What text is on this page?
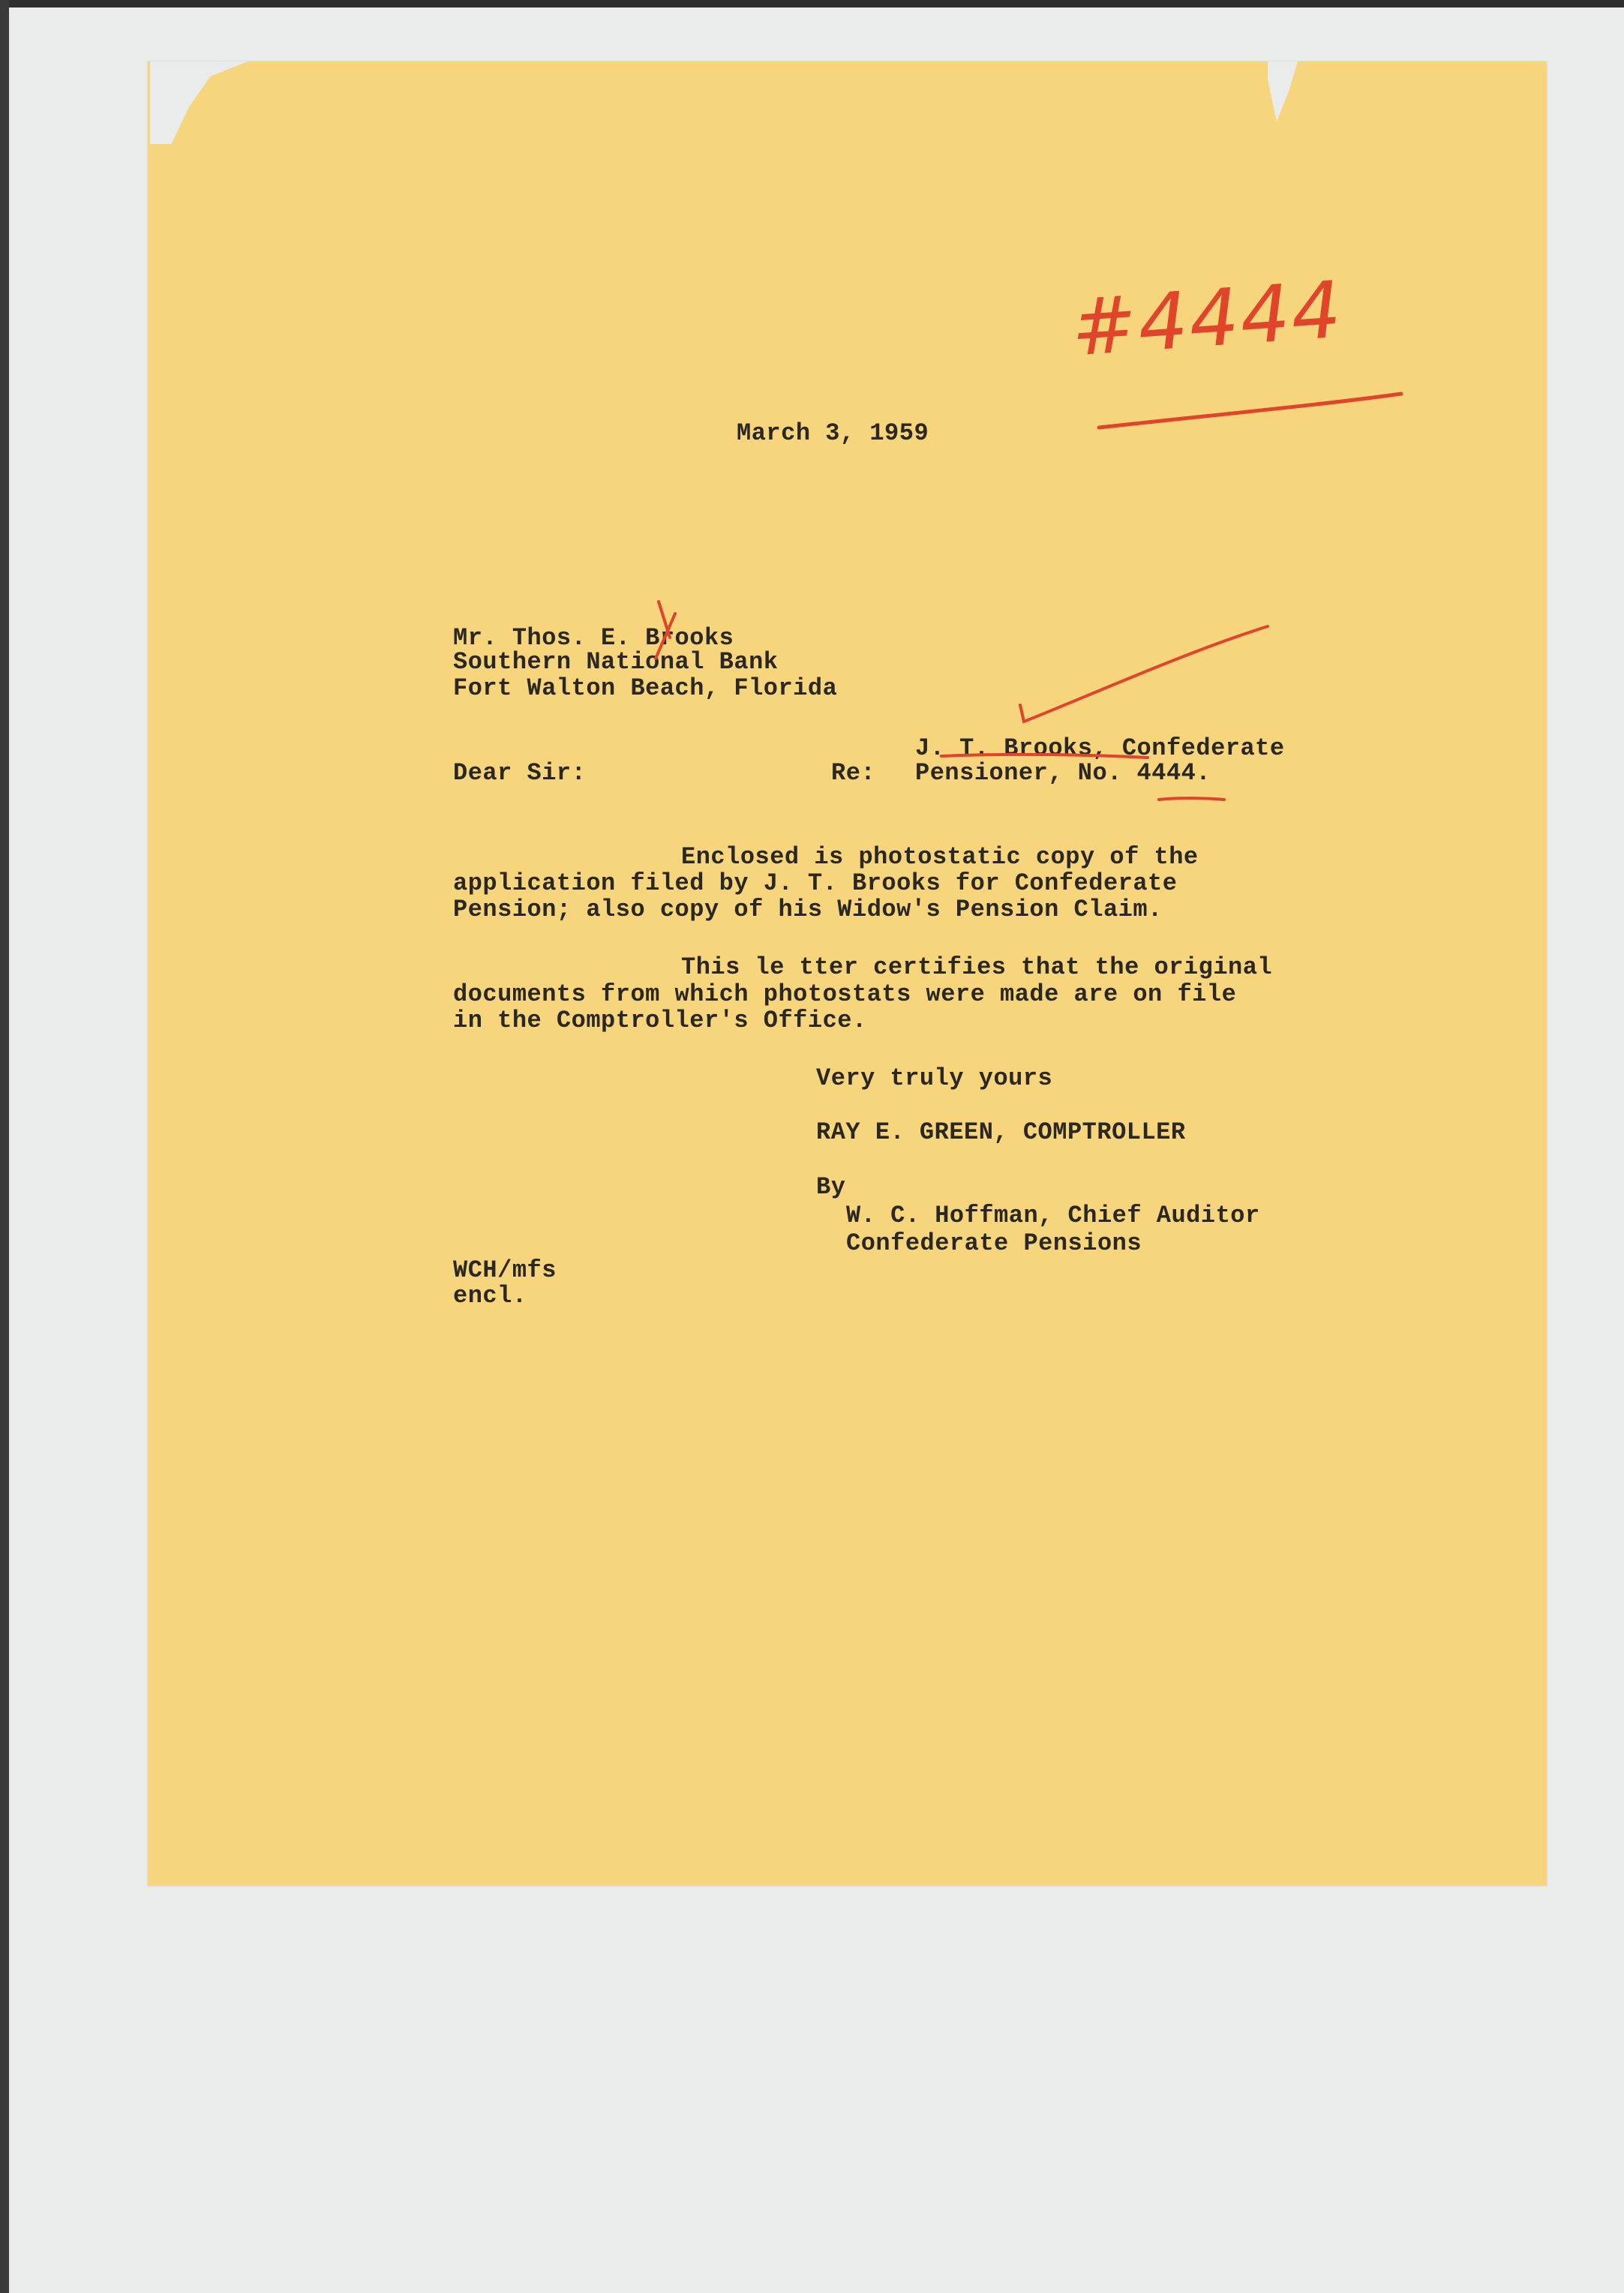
#4444
March 3, 1959
Mr. Thos. E. Brooks
Southern National Bank
Fort Walton Beach, Florida
J. T. Brooks, Confederate
Dear Sir:	Re: Pensioner, No. 4444.
Enclosed is photostatic copy of the
application filed by J. T. Brooks for Confederate
Pension; also copy of his Widow's Pension Claim.
This le tter certifies that the original
documents from which photostats were made are on file
in the Comptroller's Office.
Very truly yours
RAY E. GREEN, COMPTROLLER
By
W. C. Hoffman, Chief Auditor
Confederate Pensions
WCH/mfs
encl.
